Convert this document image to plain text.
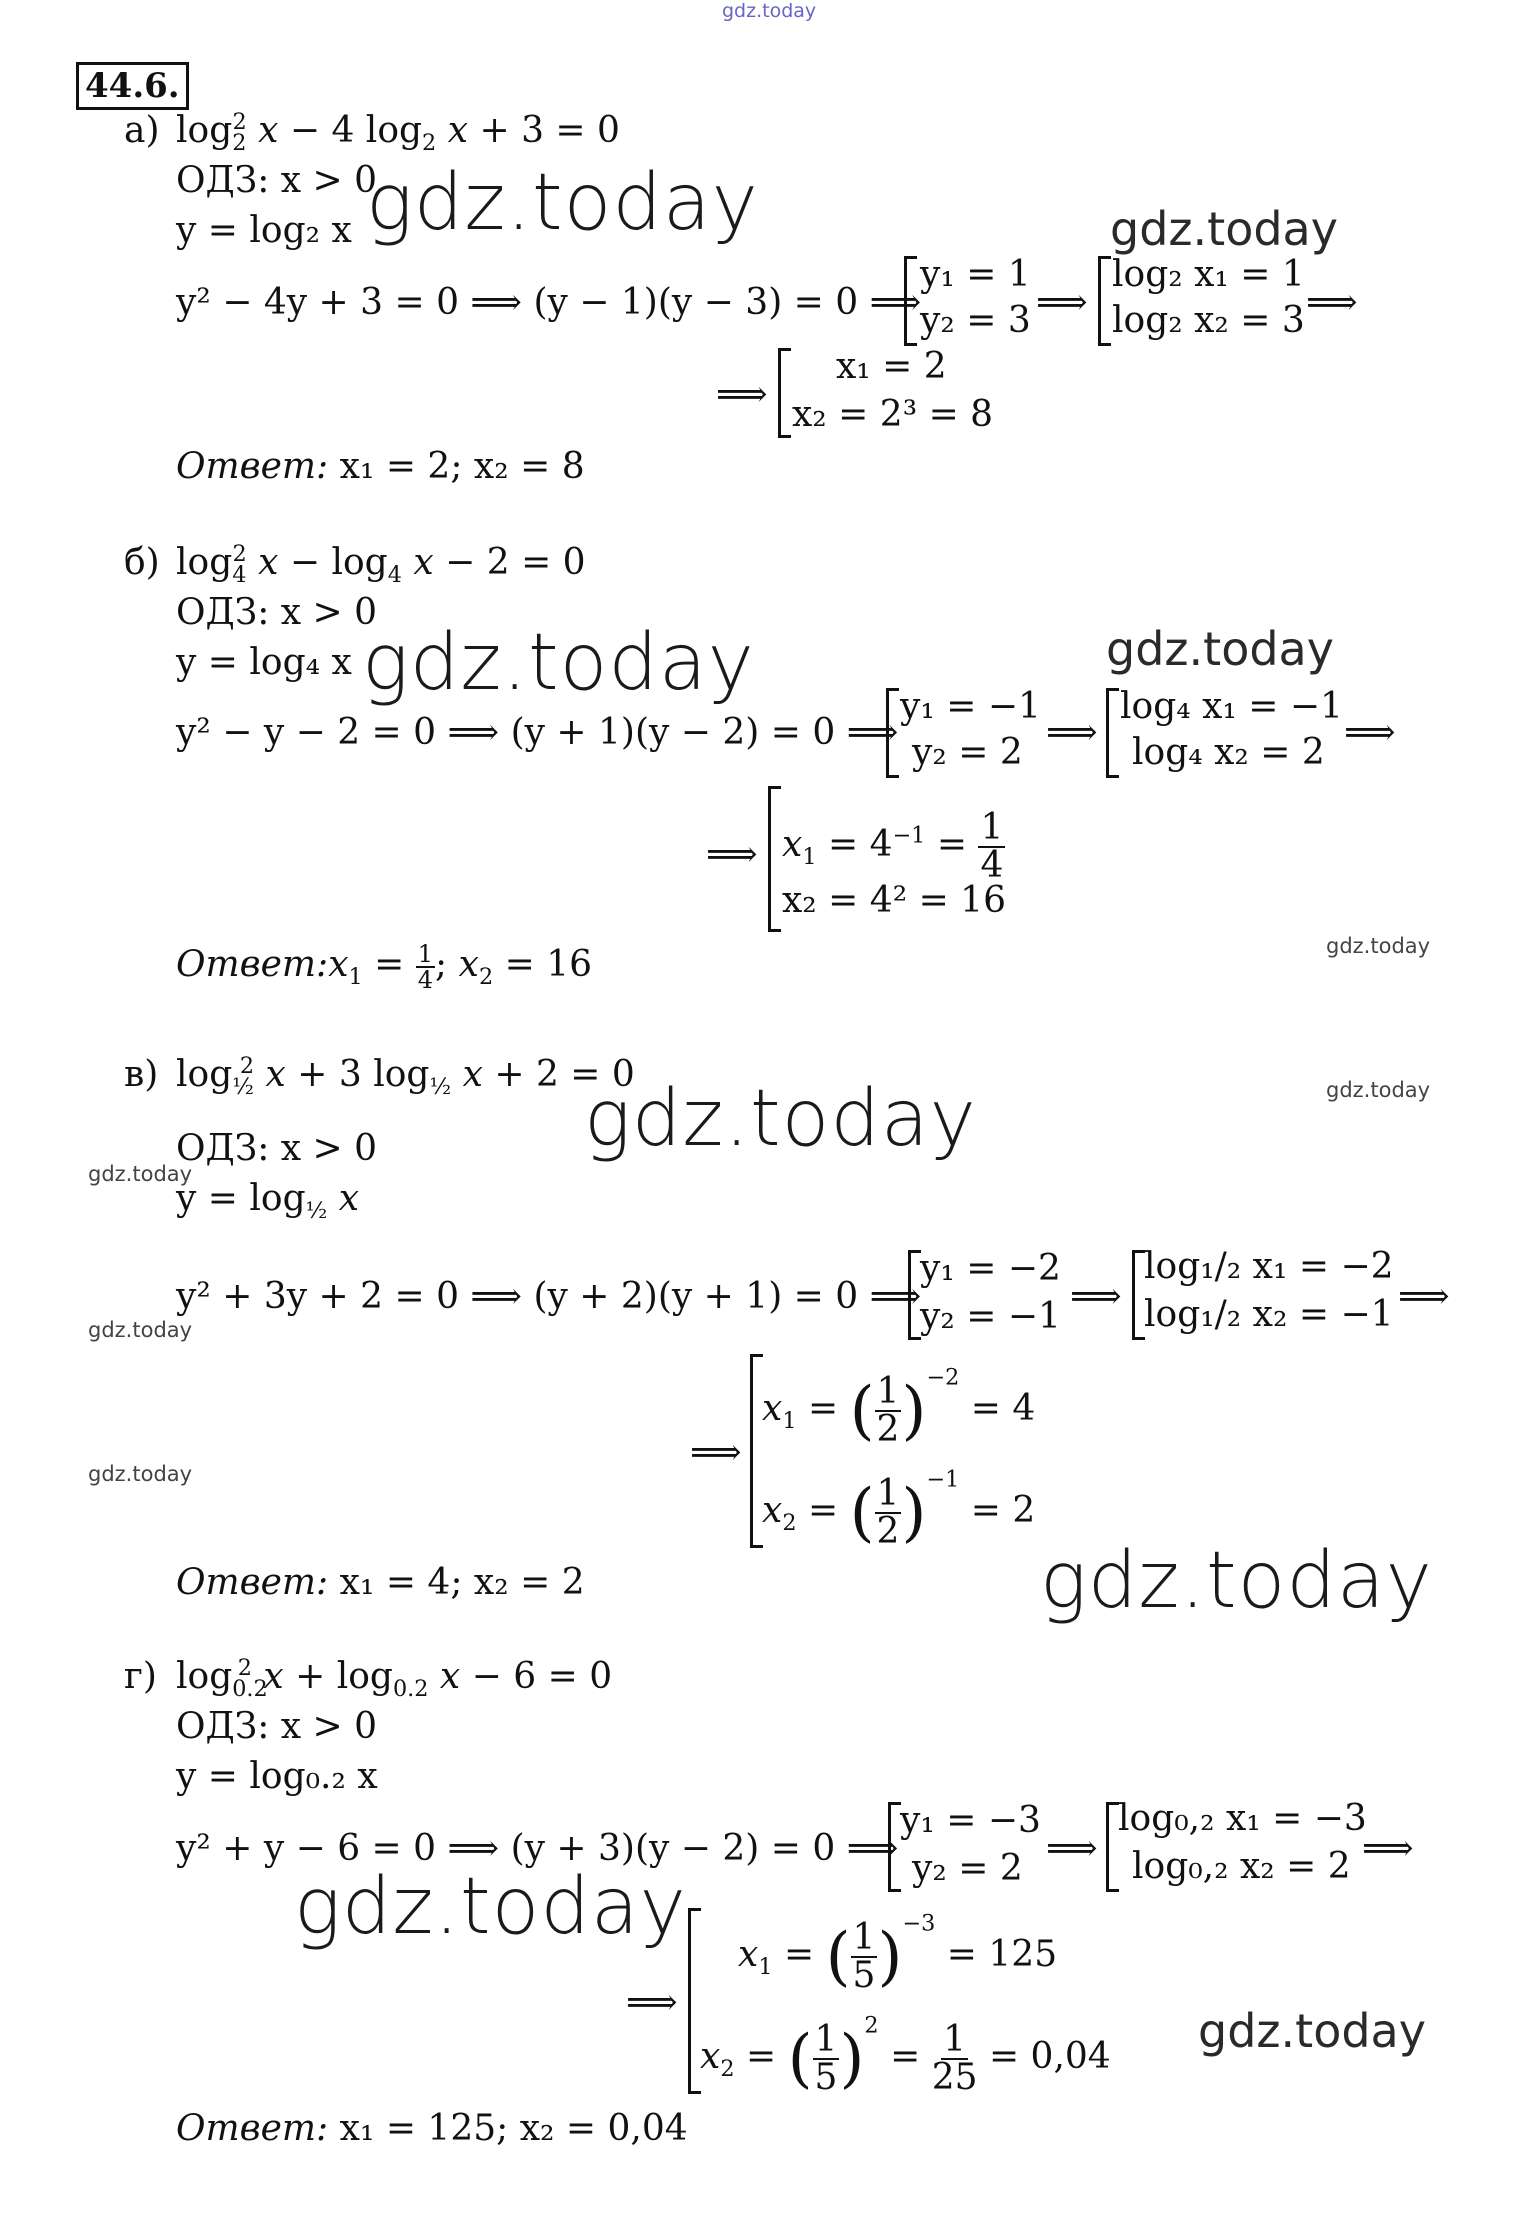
gdz.today
44.6.
а) $\log_2^2 x - 4$ $\log_2 x + 3 = 0$
ОДЗ: x > 0
y = log₂ x
y² − 4y + 3 = 0 ⟹ (y − 1)(y − 3) = 0 ⟹
y₁ = 1
y₂ = 3 ⟹
log₂ x₁ = 1
log₂ x₂ = 3 ⟹
⟹
x₁ = 2
x₂ = 2³ = 8
Ответ: x₁ = 2; x₂ = 8
б) $\log_4^2 x - \log_4 x - 2 = 0$
ОДЗ: x > 0
y = log₄ x
y² − y − 2 = 0 ⟹ (y + 1)(y − 2) = 0 ⟹
y₁ = −1
y₂ = 2 ⟹
log₄ x₁ = −1
log₄ x₂ = 2 ⟹
⟹ $x_1 = 4^{-1} = \frac{1}{4}$
x₂ = 4² = 16
$Ответ:x_1 = \frac{1}{4}$ ; $x_2 = 16$
в) $\log_{\frac{1}{2}}^2 x + 3$ $\log_{\frac{1}{2}} x + 2 = 0$
ОДЗ: x > 0
$y = \log_{\frac{1}{2}} x$
y² + 3y + 2 = 0 ⟹ (y + 2)(y + 1) = 0 ⟹
y₁ = −2
y₂ = −1 ⟹
log₁/₂ x₁ = −2
log₁/₂ x₂ = −1 ⟹
⟹
$x_1$ = ( $\frac{1}{2} )^{-2} = 4$
$x_2$ = ( $\frac{1}{2} )^{-1} = 2$
Ответ: x₁ = 4; x₂ = 2
г) $\log_{0.2}^2 x + \log_{0.2} x - 6 = 0$
ОДЗ: x > 0
y = log₀.₂ x
y² + y − 6 = 0 ⟹ (y + 3)(y − 2) = 0 ⟹
y₁ = −3
y₂ = 2 ⟹
log₀,₂ x₁ = −3
log₀,₂ x₂ = 2 ⟹
⟹
$x_1$ = ( $\frac{1}{5} )^{-3} = 125$
$x_2$ = ( $\frac{1}{5} )^2 = \frac{1}{25} = 0,04$
Ответ: x₁ = 125; x₂ = 0,04
gdz.today	gdz.today
gdz.today	gdz.today
gdz.today
gdz.today	gdz.today
gdz.today
gdz.today
gdz.today
gdz.today
gdz.today
gdz.today
